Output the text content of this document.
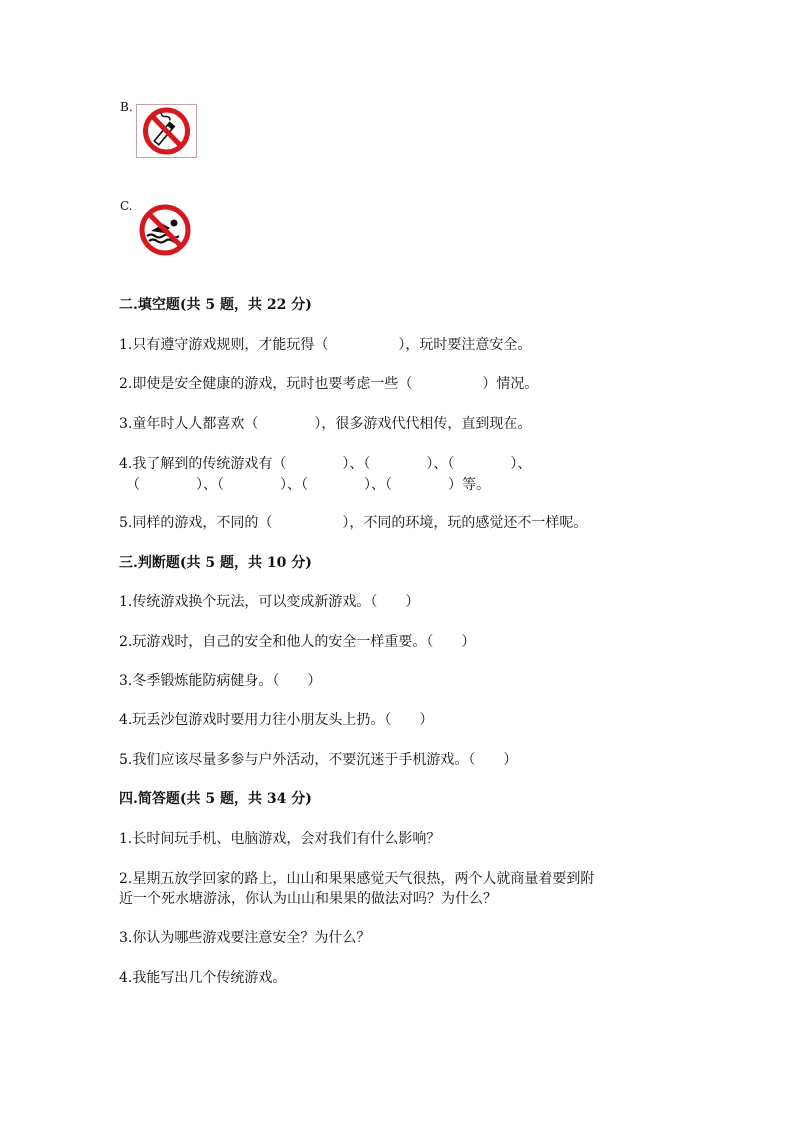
B.
C.
二.填空题(共 5 题，共 22 分)
1.只有遵守游戏规则，才能玩得（　　　　　），玩时要注意安全。
2.即使是安全健康的游戏，玩时也要考虑一些（　　　　　）情况。
3.童年时人人都喜欢（　　　　），很多游戏代代相传，直到现在。
4.我了解到的传统游戏有（　　　　）、（　　　　）、（　　　　）、
（　　　　）、（　　　　）、（　　　　）、（　　　　）等。
5.同样的游戏，不同的（　　　　　），不同的环境，玩的感觉还不一样呢。
三.判断题(共 5 题，共 10 分)
1.传统游戏换个玩法，可以变成新游戏。（　　）
2.玩游戏时，自己的安全和他人的安全一样重要。（　　）
3.冬季锻炼能防病健身。（　　）
4.玩丢沙包游戏时要用力往小朋友头上扔。（　　）
5.我们应该尽量多参与户外活动，不要沉迷于手机游戏。（　　）
四.简答题(共 5 题，共 34 分)
1.长时间玩手机、电脑游戏，会对我们有什么影响？
2.星期五放学回家的路上，山山和果果感觉天气很热，两个人就商量着要到附
近一个死水塘游泳，你认为山山和果果的做法对吗？为什么？
3.你认为哪些游戏要注意安全？为什么？
4.我能写出几个传统游戏。
